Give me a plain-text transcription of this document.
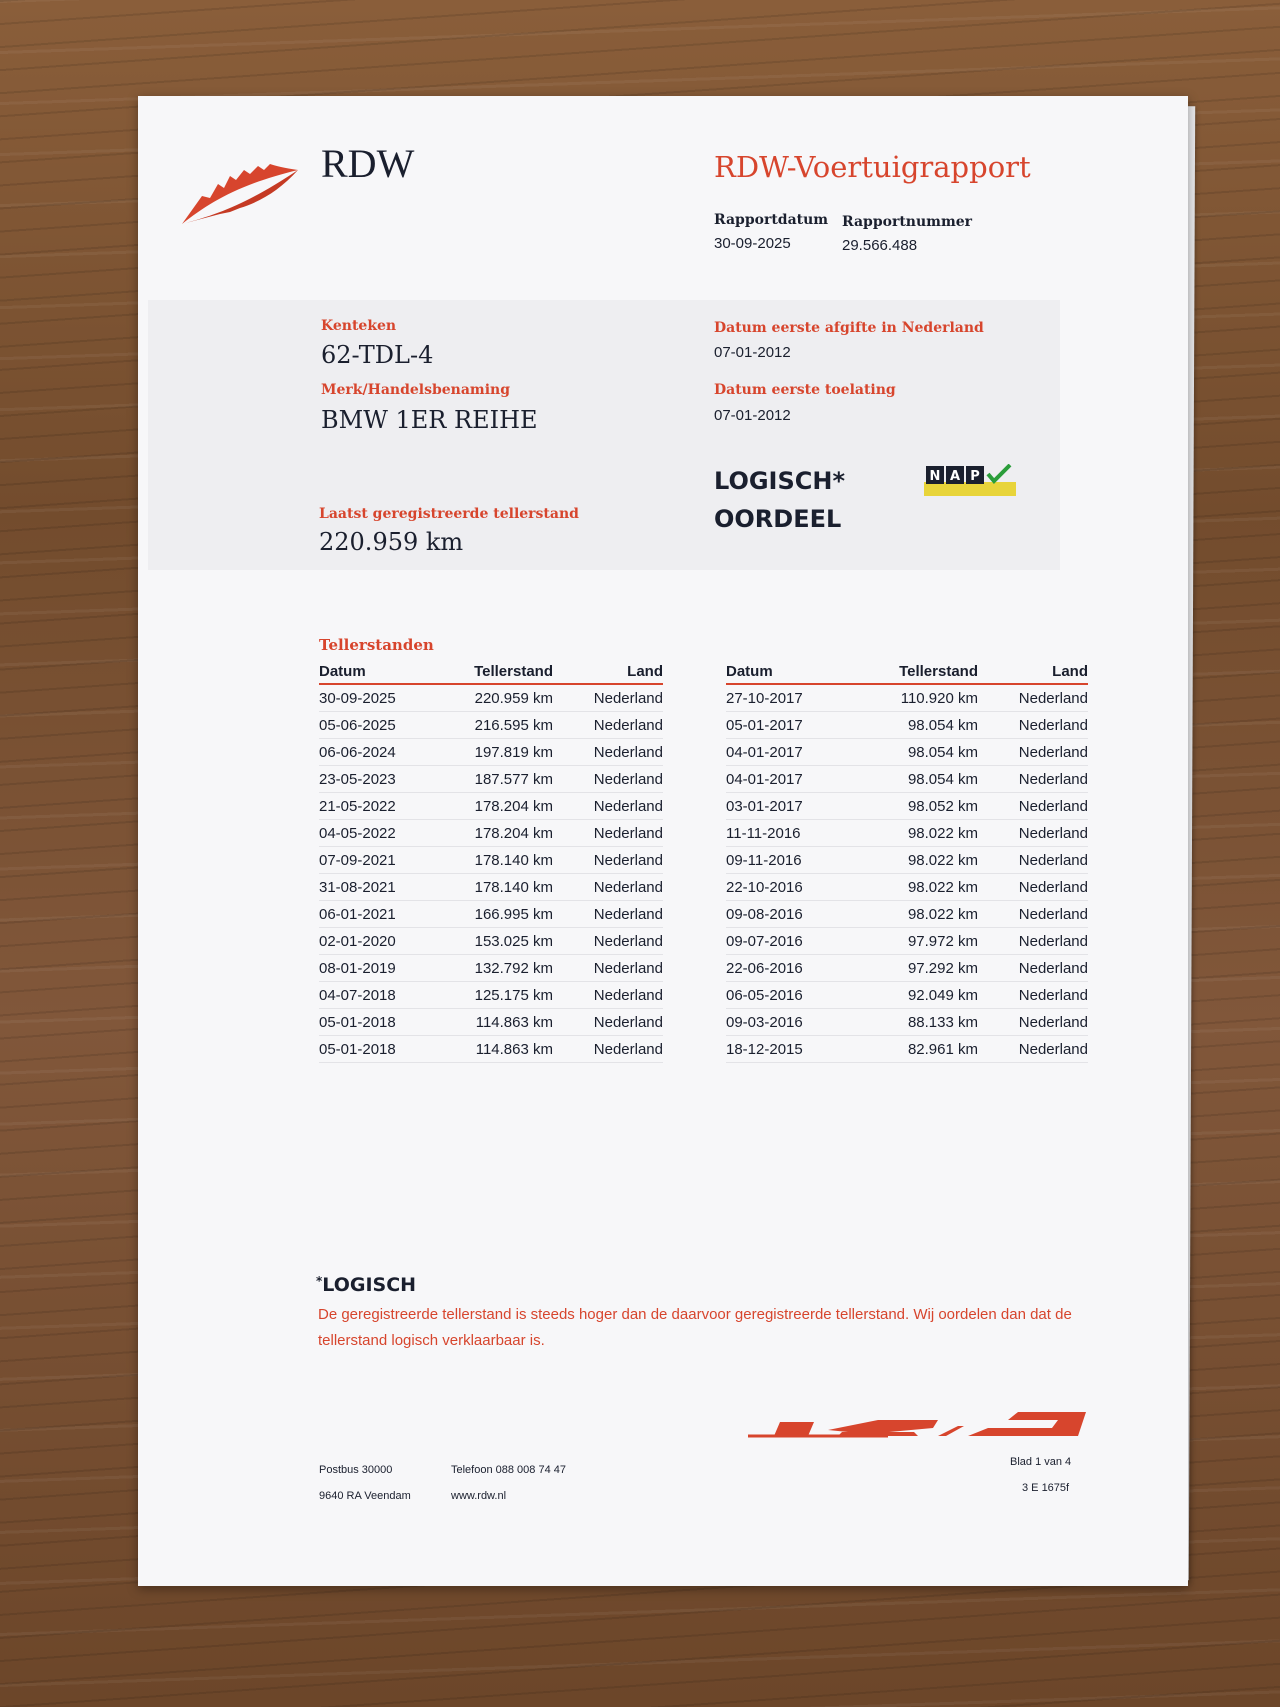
RDW	RDW-Voertuigrapport
Rapportdatum
30-09-2025
Rapportnummer
29.566.488
Kenteken
62-TDL-4
Merk/Handelsbenaming
BMW 1ER REIHE
Datum eerste afgifte in Nederland
07-01-2012
Datum eerste toelating
07-01-2012
Laatst geregistreerde tellerstand
220.959 km
LOGISCH*
OORDEEL
N A P
Tellerstanden
Datum	Tellerstand	Land
30-09-2025	220.959 km	Nederland
05-06-2025	216.595 km	Nederland
06-06-2024	197.819 km	Nederland
23-05-2023	187.577 km	Nederland
21-05-2022	178.204 km	Nederland
04-05-2022	178.204 km	Nederland
07-09-2021	178.140 km	Nederland
31-08-2021	178.140 km	Nederland
06-01-2021	166.995 km	Nederland
02-01-2020	153.025 km	Nederland
08-01-2019	132.792 km	Nederland
04-07-2018	125.175 km	Nederland
05-01-2018	114.863 km	Nederland
05-01-2018	114.863 km	Nederland
Datum	Tellerstand	Land
27-10-2017	110.920 km	Nederland
05-01-2017	98.054 km	Nederland
04-01-2017	98.054 km	Nederland
04-01-2017	98.054 km	Nederland
03-01-2017	98.052 km	Nederland
11-11-2016	98.022 km	Nederland
09-11-2016	98.022 km	Nederland
22-10-2016	98.022 km	Nederland
09-08-2016	98.022 km	Nederland
09-07-2016	97.972 km	Nederland
22-06-2016	97.292 km	Nederland
06-05-2016	92.049 km	Nederland
09-03-2016	88.133 km	Nederland
18-12-2015	82.961 km	Nederland
*LOGISCH
De geregistreerde tellerstand is steeds hoger dan de daarvoor geregistreerde tellerstand. Wij oordelen dan dat de tellerstand logisch verklaarbaar is.
Postbus 30000
9640 RA Veendam
Telefoon 088 008 74 47
www.rdw.nl
Blad 1 van 4
3 E 1675f
